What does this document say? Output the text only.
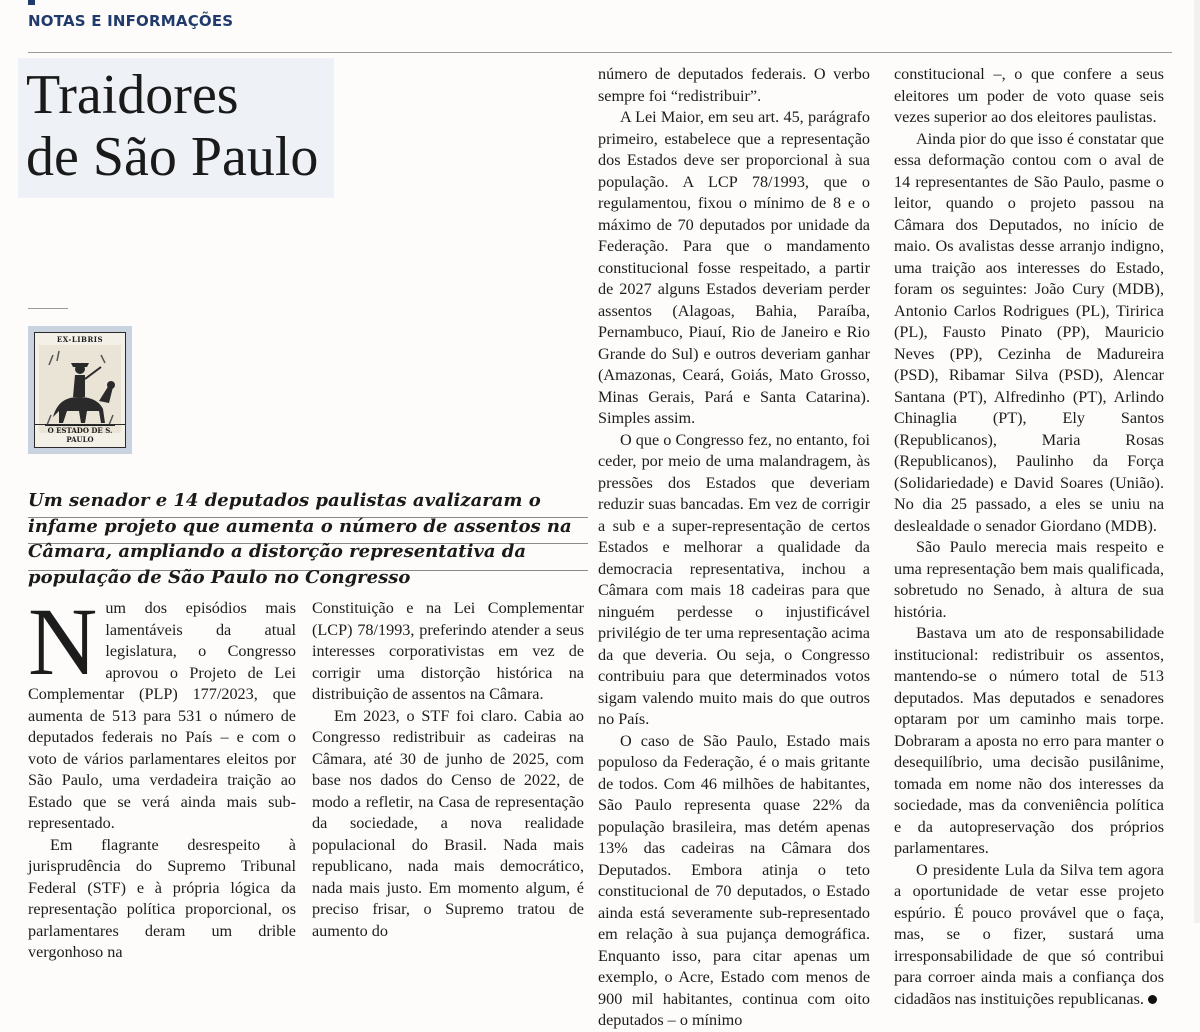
NOTAS E INFORMAÇÕES
Traidores
de São Paulo
EX-LIBRIS
O ESTADO DE S. PAULO

Um senador e 14 deputados paulistas avalizaram o infame projeto que aumenta o número de assentos na Câmara, ampliando a distorção representativa da população de São Paulo no Congresso

N um dos episódios mais lamentáveis da atual legislatura, o Congresso aprovou o Projeto de Lei Complementar (PLP) 177/2023, que aumenta de 513 para 531 o número de deputados federais no País – e com o voto de vários parlamentares eleitos por São Paulo, uma verdadeira traição ao Estado que se verá ainda mais sub-representado.

Em flagrante desrespeito à jurisprudência do Supremo Tribunal Federal (STF) e à própria lógica da representação política proporcional, os parlamentares deram um drible vergonhoso na

Constituição e na Lei Complementar (LCP) 78/1993, preferindo atender a seus interesses corporativistas em vez de corrigir uma distorção histórica na distribuição de assentos na Câmara.

Em 2023, o STF foi claro. Cabia ao Congresso redistribuir as cadeiras na Câmara, até 30 de junho de 2025, com base nos dados do Censo de 2022, de modo a refletir, na Casa de representação da sociedade, a nova realidade populacional do Brasil. Nada mais republicano, nada mais democrático, nada mais justo. Em momento algum, é preciso frisar, o Supremo tratou de aumento do

número de deputados federais. O verbo sempre foi “redistribuir”.

A Lei Maior, em seu art. 45, parágrafo primeiro, estabelece que a representação dos Estados deve ser proporcional à sua população. A LCP 78/1993, que o regulamentou, fixou o mínimo de 8 e o máximo de 70 deputados por unidade da Federação. Para que o mandamento constitucional fosse respeitado, a partir de 2027 alguns Estados deveriam perder assentos (Alagoas, Bahia, Paraíba, Pernambuco, Piauí, Rio de Janeiro e Rio Grande do Sul) e outros deveriam ganhar (Amazonas, Ceará, Goiás, Mato Grosso, Minas Gerais, Pará e Santa Catarina). Simples assim.

O que o Congresso fez, no entanto, foi ceder, por meio de uma malandragem, às pressões dos Estados que deveriam reduzir suas bancadas. Em vez de corrigir a sub e a super-representação de certos Estados e melhorar a qualidade da democracia representativa, inchou a Câmara com mais 18 cadeiras para que ninguém perdesse o injustificável privilégio de ter uma representação acima da que deveria. Ou seja, o Congresso contribuiu para que determinados votos sigam valendo muito mais do que outros no País.

O caso de São Paulo, Estado mais populoso da Federação, é o mais gritante de todos. Com 46 milhões de habitantes, São Paulo representa quase 22% da população brasileira, mas detém apenas 13% das cadeiras na Câmara dos Deputados. Embora atinja o teto constitucional de 70 deputados, o Estado ainda está severamente sub-representado em relação à sua pujança demográfica. Enquanto isso, para citar apenas um exemplo, o Acre, Estado com menos de 900 mil habitantes, continua com oito deputados – o mínimo

constitucional –, o que confere a seus eleitores um poder de voto quase seis vezes superior ao dos eleitores paulistas.

Ainda pior do que isso é constatar que essa deformação contou com o aval de 14 representantes de São Paulo, pasme o leitor, quando o projeto passou na Câmara dos Deputados, no início de maio. Os avalistas desse arranjo indigno, uma traição aos interesses do Estado, foram os seguintes: João Cury (MDB), Antonio Carlos Rodrigues (PL), Tiririca (PL), Fausto Pinato (PP), Mauricio Neves (PP), Cezinha de Madureira (PSD), Ribamar Silva (PSD), Alencar Santana (PT), Alfredinho (PT), Arlindo Chinaglia (PT), Ely Santos (Republicanos), Maria Rosas (Republicanos), Paulinho da Força (Solidariedade) e David Soares (União). No dia 25 passado, a eles se uniu na deslealdade o senador Giordano (MDB).

São Paulo merecia mais respeito e uma representação bem mais qualificada, sobretudo no Senado, à altura de sua história.

Bastava um ato de responsabilidade institucional: redistribuir os assentos, mantendo-se o número total de 513 deputados. Mas deputados e senadores optaram por um caminho mais torpe. Dobraram a aposta no erro para manter o desequilíbrio, uma decisão pusilânime, tomada em nome não dos interesses da sociedade, mas da conveniência política e da autopreservação dos próprios parlamentares.

O presidente Lula da Silva tem agora a oportunidade de vetar esse projeto espúrio. É pouco provável que o faça, mas, se o fizer, sustará uma irresponsabilidade de que só contribui para corroer ainda mais a confiança dos cidadãos nas instituições republicanas.
